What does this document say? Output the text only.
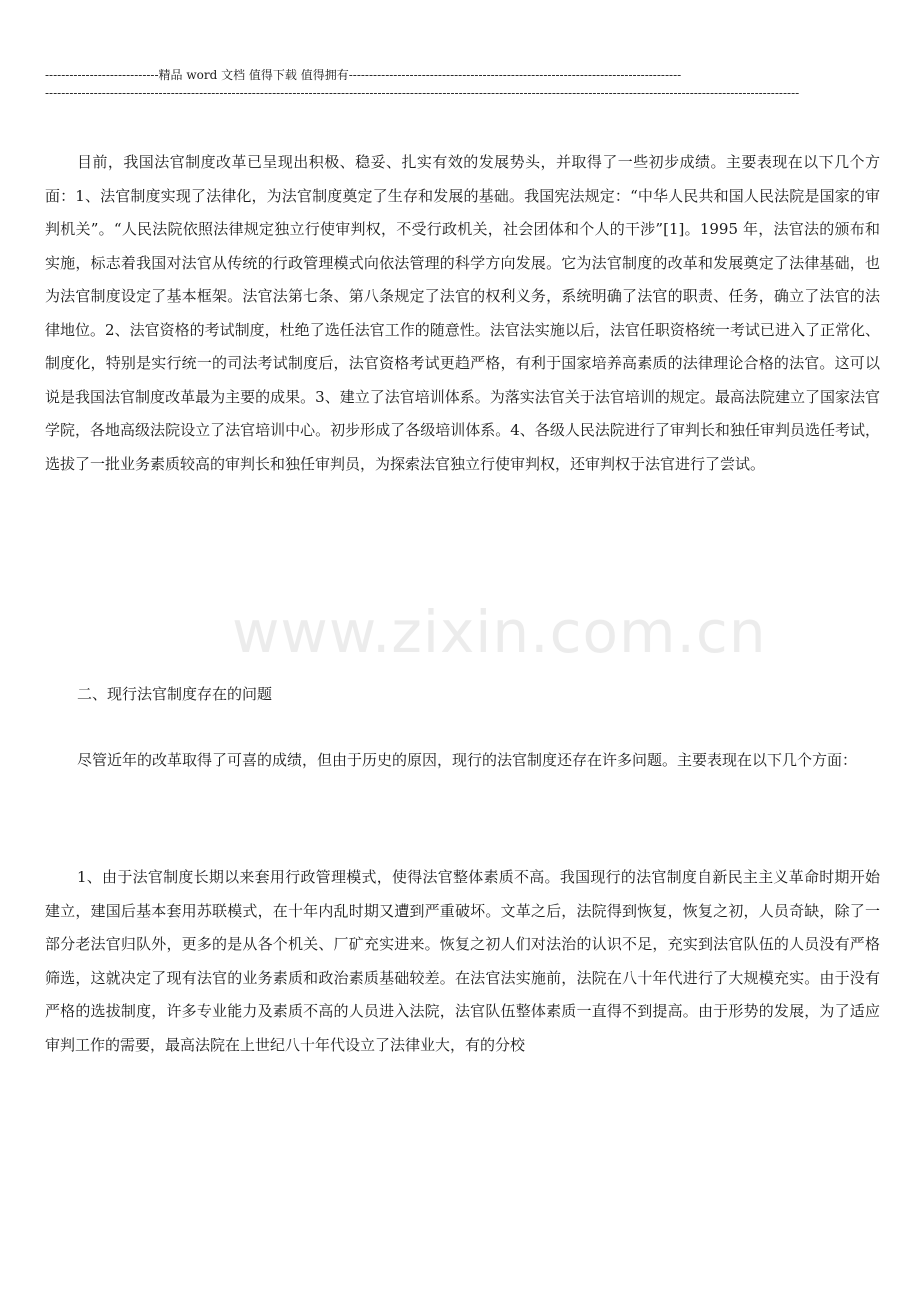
----------------------------精品 word 文档 值得下载 值得拥有----------------------------------------------------------------------------------
------------------------------------------------------------------------------------------------------------------------------------------------------------------------------------------

目前，我国法官制度改革已呈现出积极、稳妥、扎实有效的发展势头，并取得了一些初步成绩。主要表现在以下几个方面：1、法官制度实现了法律化，为法官制度奠定了生存和发展的基础。我国宪法规定：“中华人民共和国人民法院是国家的审判机关”。“人民法院依照法律规定独立行使审判权，不受行政机关，社会团体和个人的干涉”[1]。1995 年，法官法的颁布和实施，标志着我国对法官从传统的行政管理模式向依法管理的科学方向发展。它为法官制度的改革和发展奠定了法律基础，也为法官制度设定了基本框架。法官法第七条、第八条规定了法官的权利义务，系统明确了法官的职责、任务，确立了法官的法律地位。2、法官资格的考试制度，杜绝了选任法官工作的随意性。法官法实施以后，法官任职资格统一考试已进入了正常化、制度化，特别是实行统一的司法考试制度后，法官资格考试更趋严格，有利于国家培养高素质的法律理论合格的法官。这可以说是我国法官制度改革最为主要的成果。3、建立了法官培训体系。为落实法官关于法官培训的规定。最高法院建立了国家法官学院，各地高级法院设立了法官培训中心。初步形成了各级培训体系。4、各级人民法院进行了审判长和独任审判员选任考试，选拔了一批业务素质较高的审判长和独任审判员，为探索法官独立行使审判权，还审判权于法官进行了尝试。

二、现行法官制度存在的问题

尽管近年的改革取得了可喜的成绩，但由于历史的原因，现行的法官制度还存在许多问题。主要表现在以下几个方面：

1、由于法官制度长期以来套用行政管理模式，使得法官整体素质不高。我国现行的法官制度自新民主主义革命时期开始建立，建国后基本套用苏联模式，在十年内乱时期又遭到严重破坏。文革之后，法院得到恢复，恢复之初，人员奇缺，除了一部分老法官归队外，更多的是从各个机关、厂矿充实进来。恢复之初人们对法治的认识不足，充实到法官队伍的人员没有严格筛选，这就决定了现有法官的业务素质和政治素质基础较差。在法官法实施前，法院在八十年代进行了大规模充实。由于没有严格的选拔制度，许多专业能力及素质不高的人员进入法院，法官队伍整体素质一直得不到提高。由于形势的发展，为了适应审判工作的需要，最高法院在上世纪八十年代设立了法律业大，有的分校

www.zixin.com.cn
